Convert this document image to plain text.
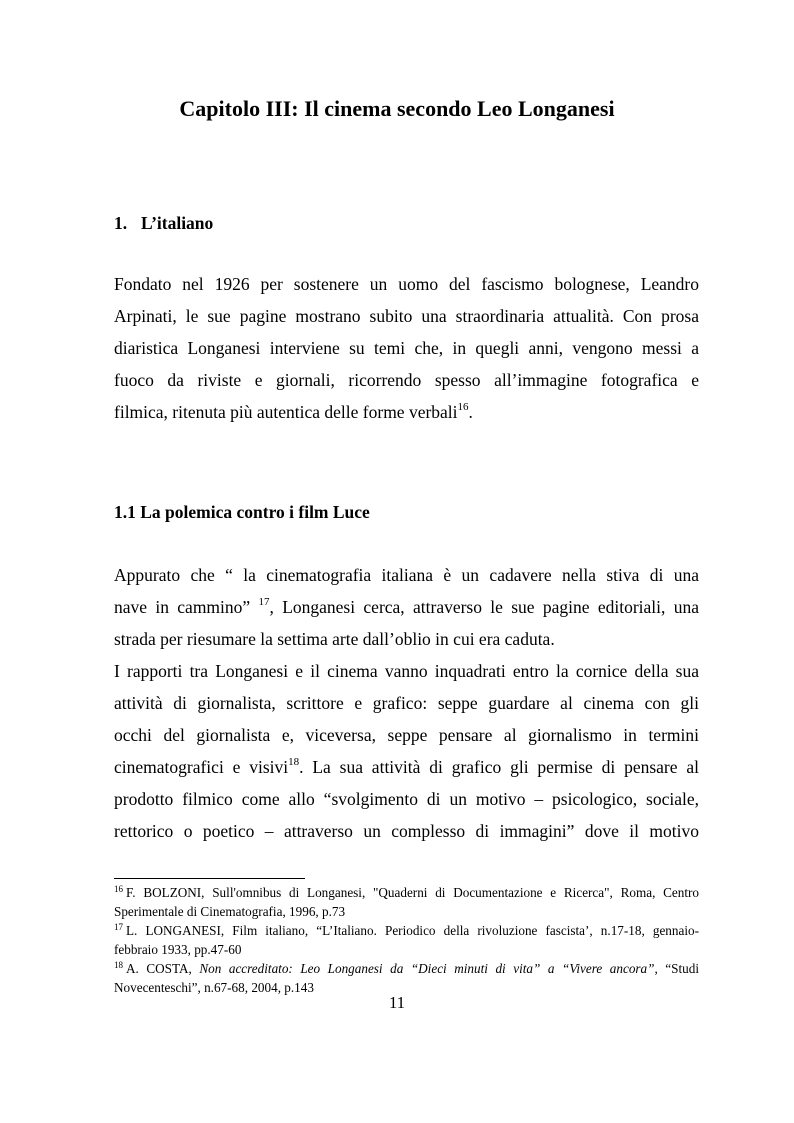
Capitolo III: Il cinema secondo Leo Longanesi
1. L’italiano
Fondato nel 1926 per sostenere un uomo del fascismo bolognese, Leandro
Arpinati, le sue pagine mostrano subito una straordinaria attualità. Con prosa
diaristica Longanesi interviene su temi che, in quegli anni, vengono messi a
fuoco da riviste e giornali, ricorrendo spesso all’immagine fotografica e
filmica, ritenuta più autentica delle forme verbali$^{16}$.
1.1 La polemica contro i film Luce
Appurato che “ la cinematografia italiana è un cadavere nella stiva di una
nave in cammino” $^{17}$, Longanesi cerca, attraverso le sue pagine editoriali, una
strada per riesumare la settima arte dall’oblio in cui era caduta.
I rapporti tra Longanesi e il cinema vanno inquadrati entro la cornice della sua
attività di giornalista, scrittore e grafico: seppe guardare al cinema con gli
occhi del giornalista e, viceversa, seppe pensare al giornalismo in termini
cinematografici e visivi$^{18}$. La sua attività di grafico gli permise di pensare al
prodotto filmico come allo “svolgimento di un motivo – psicologico, sociale,
rettorico o poetico – attraverso un complesso di immagini” dove il motivo
$^{16}$ F. BOLZONI, Sull'omnibus di Longanesi, "Quaderni di Documentazione e Ricerca", Roma, Centro
Sperimentale di Cinematografia, 1996, p.73
$^{17}$ L. LONGANESI, Film italiano, “L’Italiano. Periodico della rivoluzione fascista’, n.17-18, gennaio-
febbraio 1933, pp.47-60
$^{18}$ A. COSTA, Non accreditato: Leo Longanesi da “Dieci minuti di vita” a “Vivere ancora”, “Studi
Novecenteschi”, n.67-68, 2004, p.143
11
